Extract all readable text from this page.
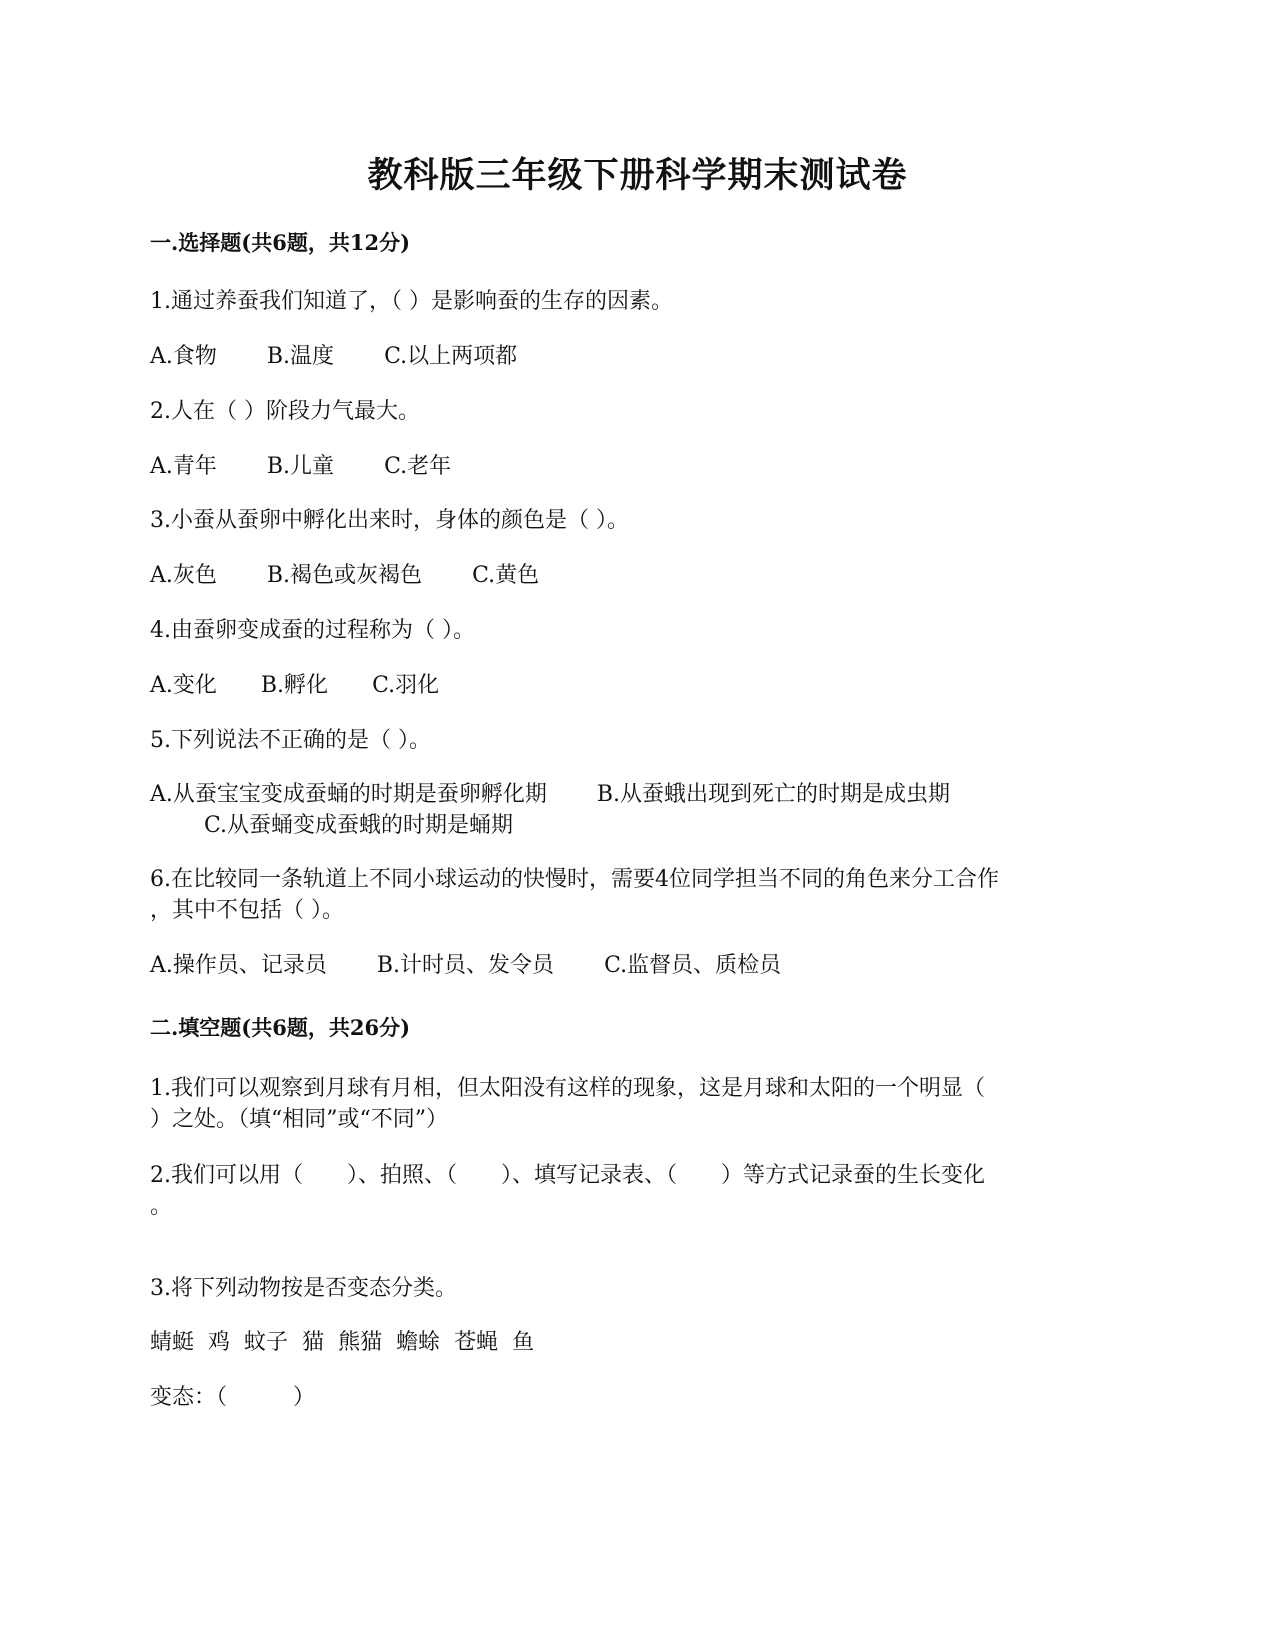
教科版三年级下册科学期末测试卷
一.选择题(共6题，共12分)
1.通过养蚕我们知道了，（ ）是影响蚕的生存的因素。
A.食物 B.温度 C.以上两项都
2.人在（ ）阶段力气最大。
A.青年 B.儿童 C.老年
3.小蚕从蚕卵中孵化出来时，身体的颜色是（ ）。
A.灰色 B.褐色或灰褐色 C.黄色
4.由蚕卵变成蚕的过程称为（ ）。
A.变化 B.孵化 C.羽化
5.下列说法不正确的是（ ）。
A.从蚕宝宝变成蚕蛹的时期是蚕卵孵化期 B.从蚕蛾出现到死亡的时期是成虫期
C.从蚕蛹变成蚕蛾的时期是蛹期
6.在比较同一条轨道上不同小球运动的快慢时，需要4位同学担当不同的角色来分工合作
，其中不包括（ ）。
A.操作员、记录员 B.计时员、发令员 C.监督员、质检员
二.填空题(共6题，共26分)
1.我们可以观察到月球有月相，但太阳没有这样的现象，这是月球和太阳的一个明显（
）之处。（填“相同”或“不同”）
2.我们可以用（　　）、拍照、（　　）、填写记录表、（　　）等方式记录蚕的生长变化
。
3.将下列动物按是否变态分类。
蜻蜓 鸡 蚊子 猫 熊猫 蟾蜍 苍蝇 鱼
变态：（　　　）
